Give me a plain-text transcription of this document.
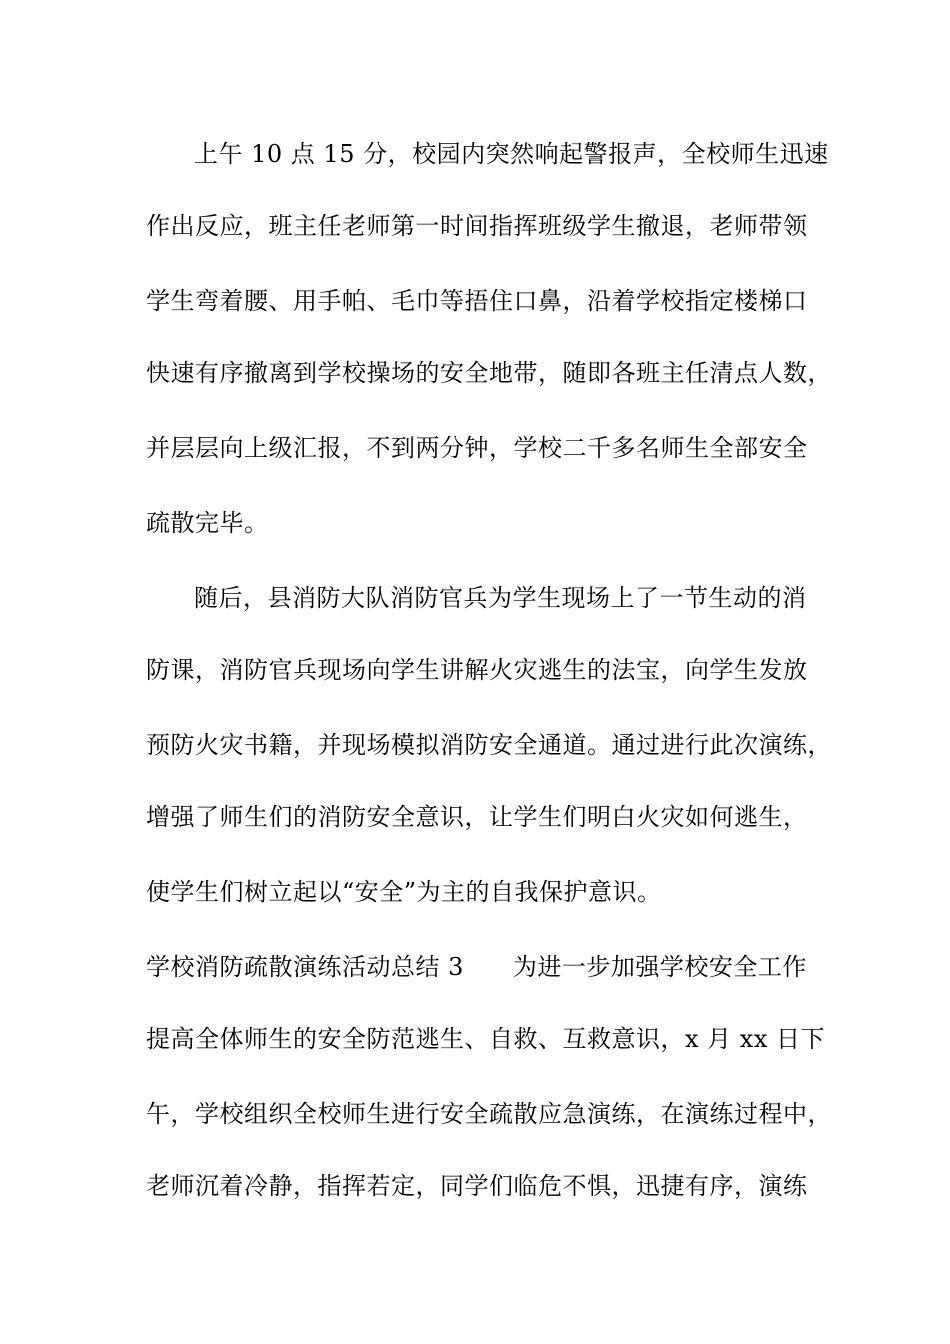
上午 10 点 15 分，校园内突然响起警报声，全校师生迅速
作出反应，班主任老师第一时间指挥班级学生撤退，老师带领
学生弯着腰、用手帕、毛巾等捂住口鼻，沿着学校指定楼梯口
快速有序撤离到学校操场的安全地带，随即各班主任清点人数，
并层层向上级汇报，不到两分钟，学校二千多名师生全部安全
疏散完毕。
随后，县消防大队消防官兵为学生现场上了一节生动的消
防课，消防官兵现场向学生讲解火灾逃生的法宝，向学生发放
预防火灾书籍，并现场模拟消防安全通道。通过进行此次演练，
增强了师生们的消防安全意识，让学生们明白火灾如何逃生，
使学生们树立起以“安全”为主的自我保护意识。
学校消防疏散演练活动总结 3　　为进一步加强学校安全工作
提高全体师生的安全防范逃生、自救、互救意识，x 月 xx 日下
午，学校组织全校师生进行安全疏散应急演练，在演练过程中，
老师沉着冷静，指挥若定，同学们临危不惧，迅捷有序，演练
